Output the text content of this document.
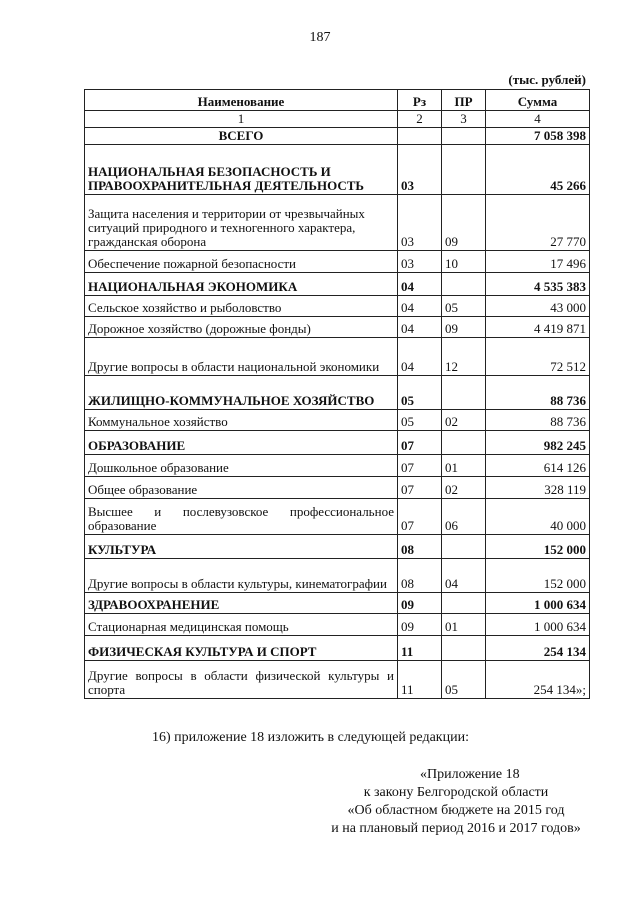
187
(тыс. рублей)
Наименование	Рз	ПР	Сумма
1	2	3	4
ВСЕГО			7 058 398
НАЦИОНАЛЬНАЯ БЕЗОПАСНОСТЬ И ПРАВООХРАНИТЕЛЬНАЯ ДЕЯТЕЛЬНОСТЬ	03		45 266
Защита населения и территории от чрезвычайных ситуаций природного и техногенного характера, гражданская оборона	03	09	27 770
Обеспечение пожарной безопасности	03	10	17 496
НАЦИОНАЛЬНАЯ ЭКОНОМИКА	04		4 535 383
Сельское хозяйство и рыболовство	04	05	43 000
Дорожное хозяйство (дорожные фонды)	04	09	4 419 871
Другие вопросы в области национальной экономики	04	12	72 512
ЖИЛИЩНО-КОММУНАЛЬНОЕ ХОЗЯЙСТВО	05		88 736
Коммунальное хозяйство	05	02	88 736
ОБРАЗОВАНИЕ	07		982 245
Дошкольное образование	07	01	614 126
Общее образование	07	02	328 119
Высшее и послевузовское профессиональное образование	07	06	40 000
КУЛЬТУРА	08		152 000
Другие вопросы в области культуры, кинематографии	08	04	152 000
ЗДРАВООХРАНЕНИЕ	09		1 000 634
Стационарная медицинская помощь	09	01	1 000 634
ФИЗИЧЕСКАЯ КУЛЬТУРА И СПОРТ	11		254 134
Другие вопросы в области физической культуры и спорта	11	05	254 134»;
16) приложение 18 изложить в следующей редакции:
«Приложение 18
к закону Белгородской области
«Об областном бюджете на 2015 год
и на плановый период 2016 и 2017 годов»
